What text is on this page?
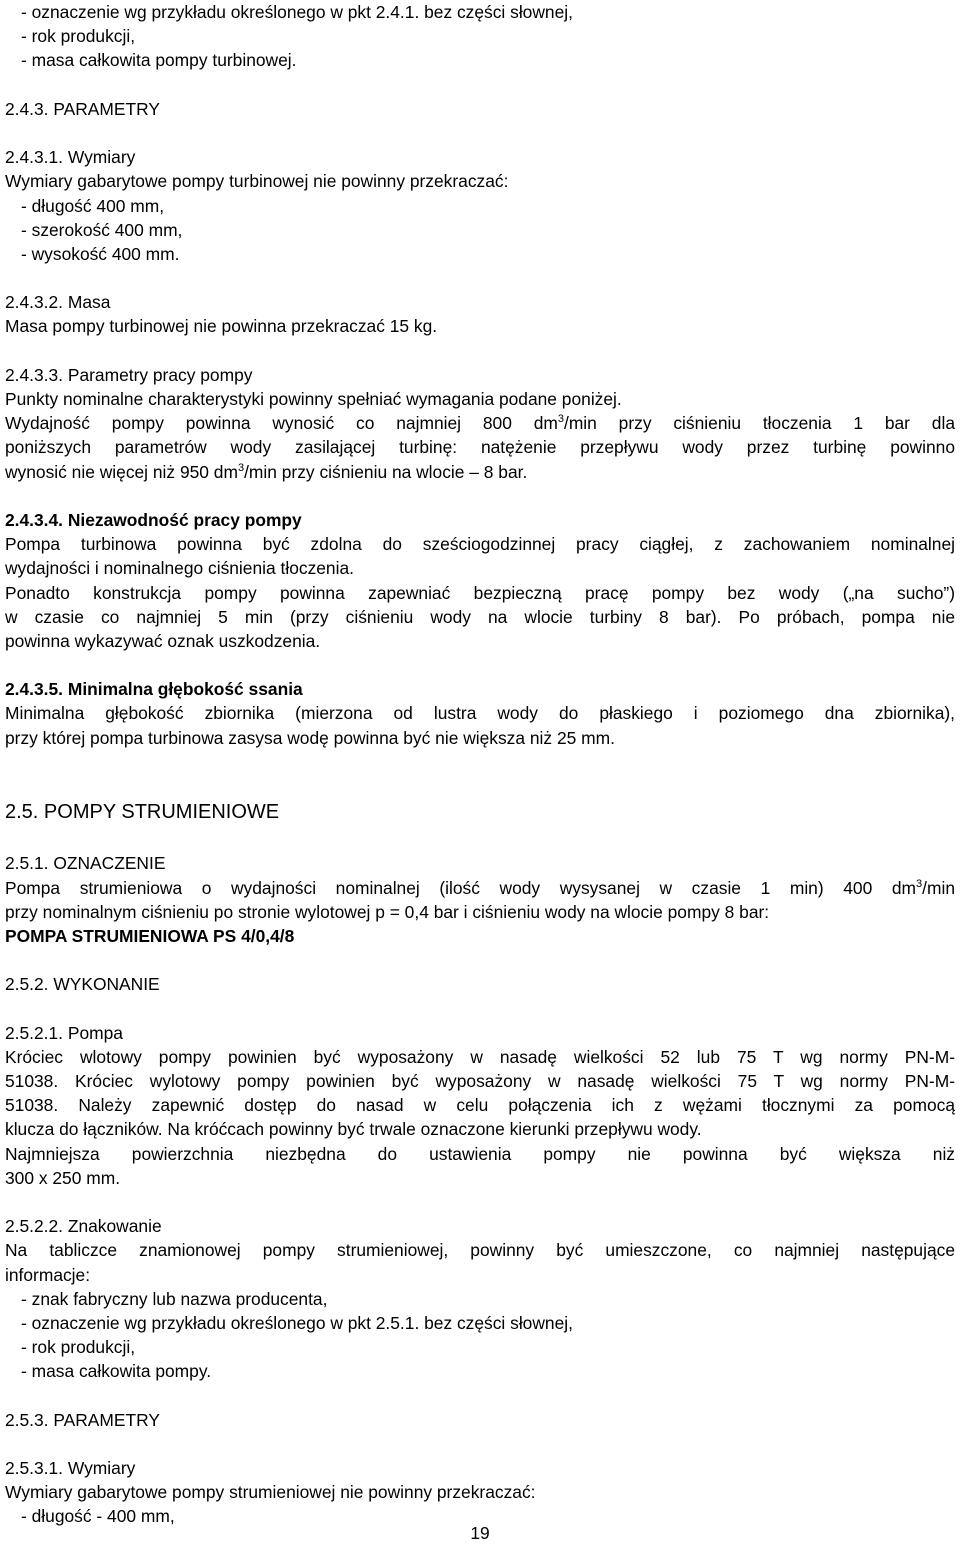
- oznaczenie wg przykładu określonego w pkt 2.4.1. bez części słownej,
- rok produkcji,
- masa całkowita pompy turbinowej.
2.4.3. PARAMETRY
2.4.3.1. Wymiary
Wymiary gabarytowe pompy turbinowej nie powinny przekraczać:
- długość 400 mm,
- szerokość 400 mm,
- wysokość 400 mm.
2.4.3.2. Masa
Masa pompy turbinowej nie powinna przekraczać 15 kg.
2.4.3.3. Parametry pracy pompy
Punkty nominalne charakterystyki powinny spełniać wymagania podane poniżej.
Wydajność pompy powinna wynosić co najmniej 800 $dm^3/\min$ przy ciśnieniu tłoczenia 1 bar dla
poniższych parametrów wody zasilającej turbinę: natężenie przepływu wody przez turbinę powinno
wynosić nie więcej niż 950 $dm^3/\min$ przy ciśnieniu na wlocie – 8 bar.
2.4.3.4. Niezawodność pracy pompy
Pompa turbinowa powinna być zdolna do sześciogodzinnej pracy ciągłej, z zachowaniem nominalnej
wydajności i nominalnego ciśnienia tłoczenia.
Ponadto konstrukcja pompy powinna zapewniać bezpieczną pracę pompy bez wody („na sucho”)
w czasie co najmniej 5 min (przy ciśnieniu wody na wlocie turbiny 8 bar). Po próbach, pompa nie
powinna wykazywać oznak uszkodzenia.
2.4.3.5. Minimalna głębokość ssania
Minimalna głębokość zbiornika (mierzona od lustra wody do płaskiego i poziomego dna zbiornika),
przy której pompa turbinowa zasysa wodę powinna być nie większa niż 25 mm.
2.5. POMPY STRUMIENIOWE
2.5.1. OZNACZENIE
Pompa strumieniowa o wydajności nominalnej (ilość wody wysysanej w czasie 1 min) 400 $dm^3/\min$
przy nominalnym ciśnieniu po stronie wylotowej p = 0,4 bar i ciśnieniu wody na wlocie pompy 8 bar:
POMPA STRUMIENIOWA PS 4/0,4/8
2.5.2. WYKONANIE
2.5.2.1. Pompa
Króciec wlotowy pompy powinien być wyposażony w nasadę wielkości 52 lub 75 T wg normy PN-M-
51038. Króciec wylotowy pompy powinien być wyposażony w nasadę wielkości 75 T wg normy PN-M-
51038. Należy zapewnić dostęp do nasad w celu połączenia ich z wężami tłocznymi za pomocą
klucza do łączników. Na króćcach powinny być trwale oznaczone kierunki przepływu wody.
Najmniejsza powierzchnia niezbędna do ustawienia pompy nie powinna być większa niż
300 x 250 mm.
2.5.2.2. Znakowanie
Na tabliczce znamionowej pompy strumieniowej, powinny być umieszczone, co najmniej następujące
informacje:
- znak fabryczny lub nazwa producenta,
- oznaczenie wg przykładu określonego w pkt 2.5.1. bez części słownej,
- rok produkcji,
- masa całkowita pompy.
2.5.3. PARAMETRY
2.5.3.1. Wymiary
Wymiary gabarytowe pompy strumieniowej nie powinny przekraczać:
- długość - 400 mm,
19
